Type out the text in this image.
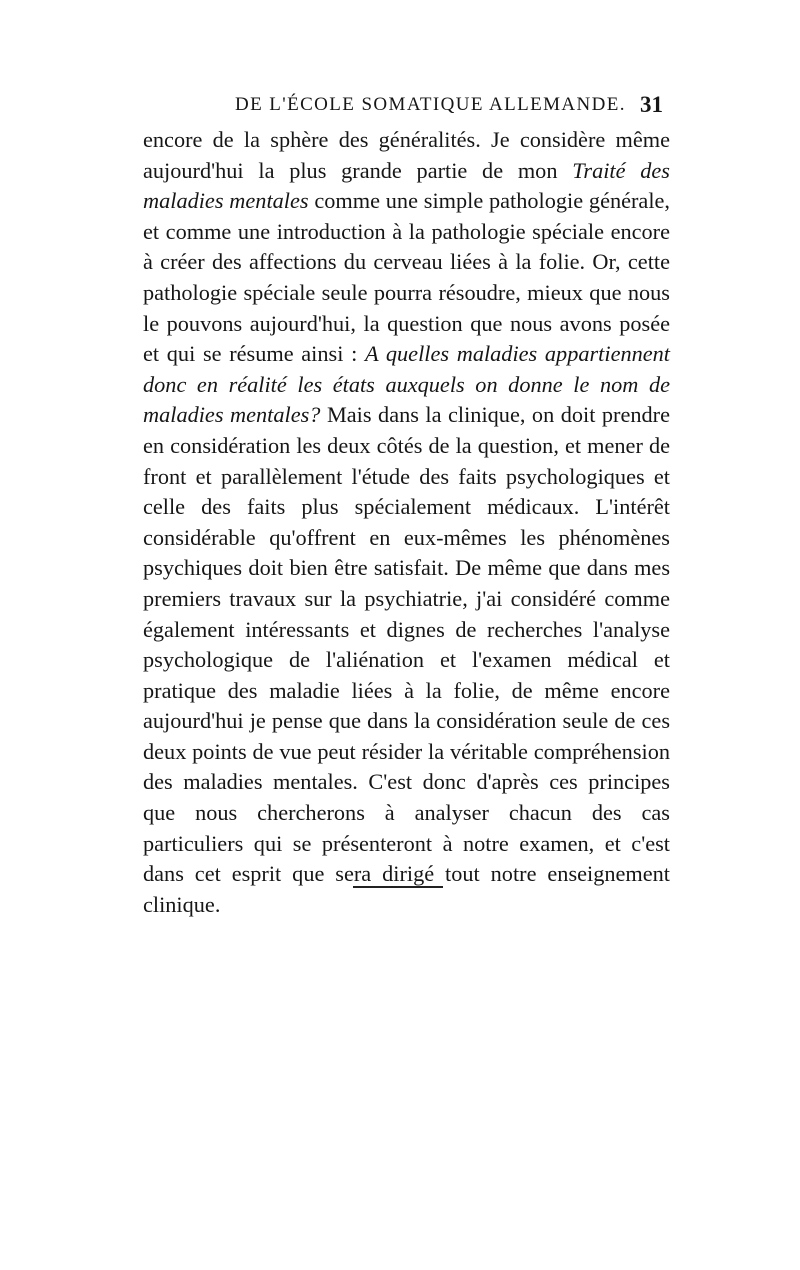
DE L'ÉCOLE SOMATIQUE ALLEMANDE. 31

encore de la sphère des généralités. Je considère même aujourd'hui la plus grande partie de mon Traité des maladies mentales comme une simple pathologie générale, et comme une introduction à la pathologie spéciale encore à créer des affections du cerveau liées à la folie. Or, cette pathologie spéciale seule pourra résoudre, mieux que nous le pouvons aujourd'hui, la question que nous avons posée et qui se résume ainsi : A quelles maladies appartiennent donc en réalité les états auxquels on donne le nom de maladies mentales? Mais dans la clinique, on doit prendre en considération les deux côtés de la question, et mener de front et parallèlement l'étude des faits psychologiques et celle des faits plus spécialement médicaux. L'intérêt considérable qu'offrent en eux-mêmes les phénomènes psychiques doit bien être satisfait. De même que dans mes premiers travaux sur la psychiatrie, j'ai considéré comme également intéressants et dignes de recherches l'analyse psychologique de l'aliénation et l'examen médical et pratique des maladie liées à la folie, de même encore aujourd'hui je pense que dans la considération seule de ces deux points de vue peut résider la véritable compréhension des maladies mentales. C'est donc d'après ces principes que nous chercherons à analyser chacun des cas particuliers qui se présenteront à notre examen, et c'est dans cet esprit que sera dirigé tout notre enseignement clinique.
